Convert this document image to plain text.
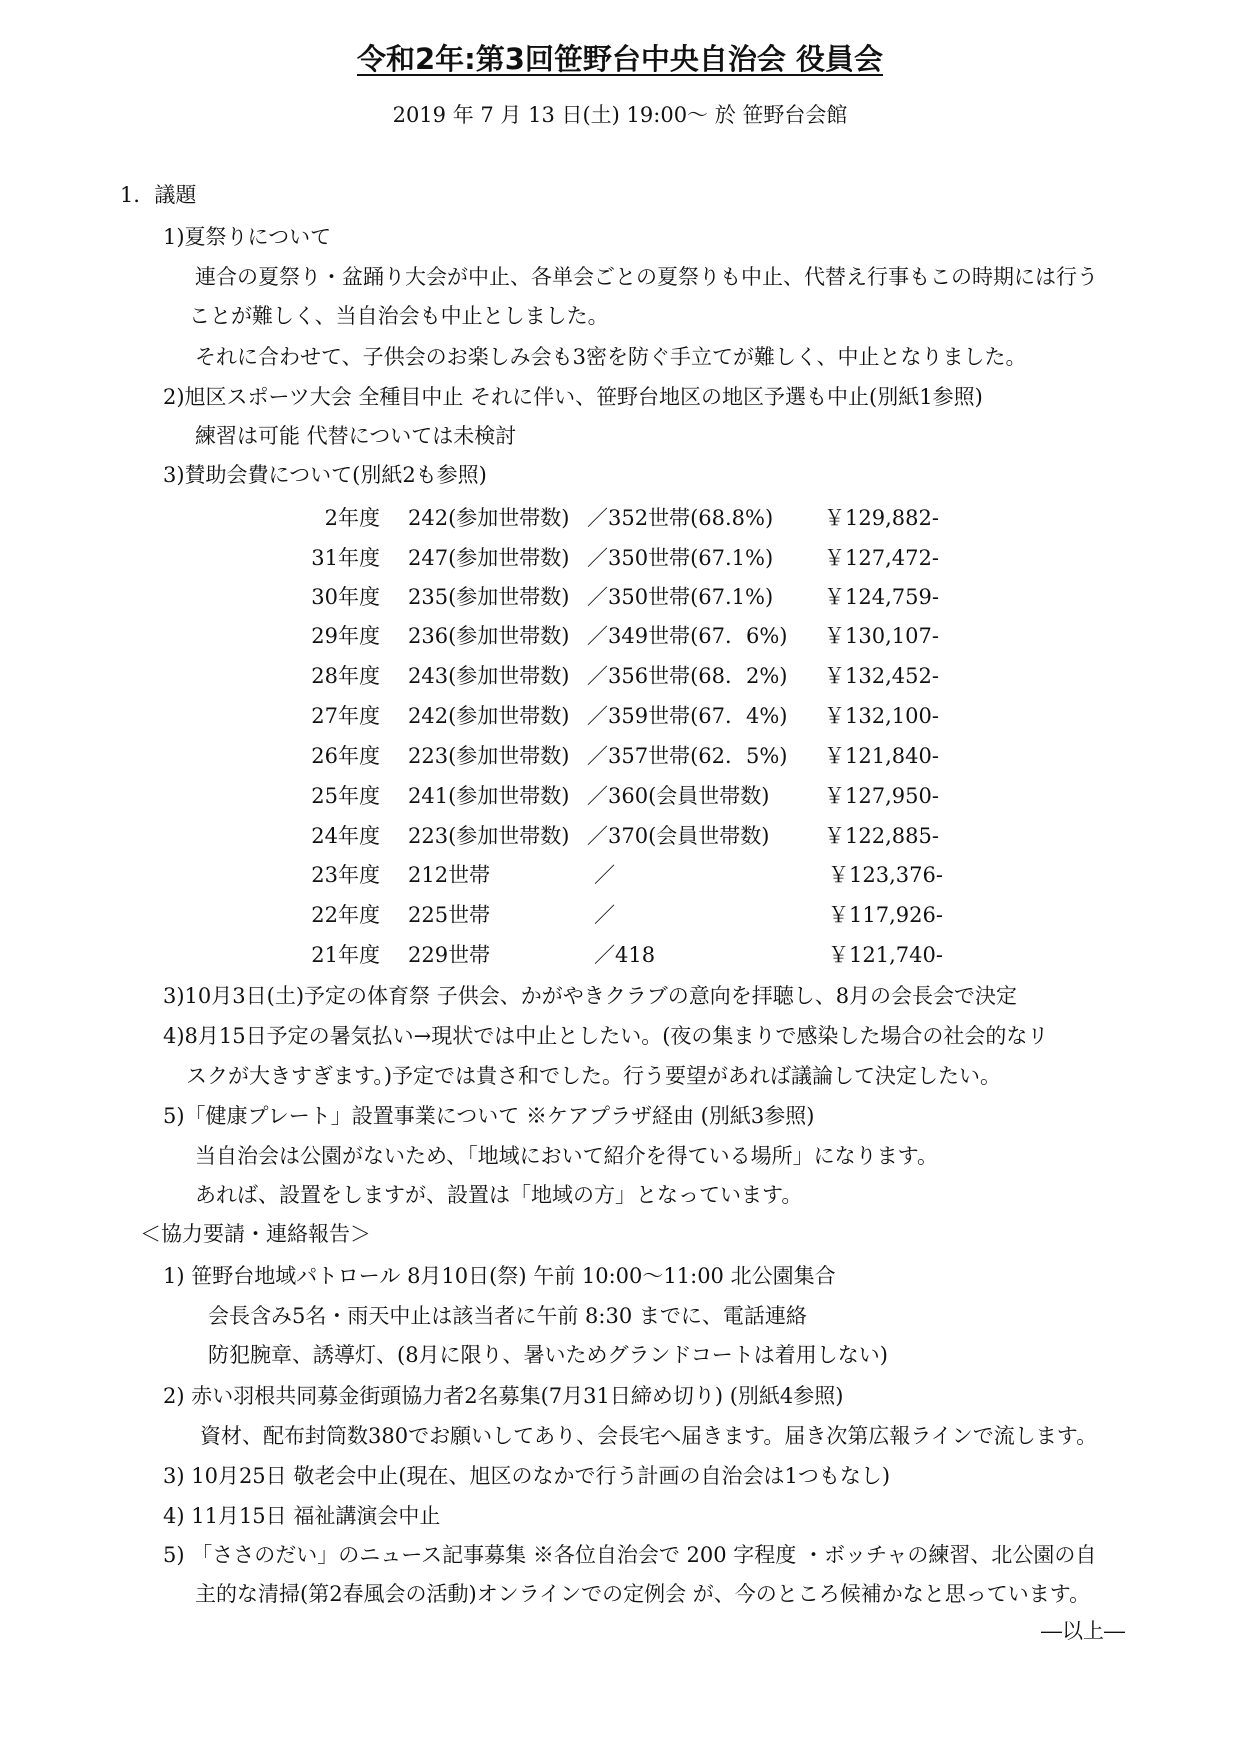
令和2年:第3回笹野台中央自治会 役員会
2019 年 7 月 13 日(土) 19:00～ 於 笹野台会館
1．議題
1)夏祭りについて
連合の夏祭り・盆踊り大会が中止、各単会ごとの夏祭りも中止、代替え行事もこの時期には行う
ことが難しく、当自治会も中止としました。
それに合わせて、子供会のお楽しみ会も3密を防ぐ手立てが難しく、中止となりました。
2)旭区スポーツ大会 全種目中止 それに伴い、笹野台地区の地区予選も中止(別紙1参照)
練習は可能 代替については未検討
3)賛助会費について(別紙2も参照)
2年度 242(参加世帯数) ／352世帯(68.8%) ￥129,882-
31年度 247(参加世帯数) ／350世帯(67.1%) ￥127,472-
30年度 235(参加世帯数) ／350世帯(67.1%) ￥124,759-
29年度 236(参加世帯数) ／349世帯(67．6%) ￥130,107-
28年度 243(参加世帯数) ／356世帯(68．2%) ￥132,452-
27年度 242(参加世帯数) ／359世帯(67．4%) ￥132,100-
26年度 223(参加世帯数) ／357世帯(62．5%) ￥121,840-
25年度 241(参加世帯数) ／360(会員世帯数)	￥127,950-
24年度 223(参加世帯数) ／370(会員世帯数)	￥122,885-
23年度 212世帯	／	￥123,376-
22年度 225世帯	／	￥117,926-
21年度 229世帯	／418	￥121,740-
3)10月3日(土)予定の体育祭 子供会、かがやきクラブの意向を拝聴し、8月の会長会で決定
4)8月15日予定の暑気払い→現状では中止としたい。(夜の集まりで感染した場合の社会的なリ
スクが大きすぎます。)予定では貴さ和でした。行う要望があれば議論して決定したい。
5)「健康プレート」設置事業について ※ケアプラザ経由 (別紙3参照)
当自治会は公園がないため、「地域において紹介を得ている場所」になります。
あれば、設置をしますが、設置は「地域の方」となっています。
＜協力要請・連絡報告＞
1) 笹野台地域パトロール 8月10日(祭) 午前 10:00～11:00 北公園集合
会長含み5名・雨天中止は該当者に午前 8:30 までに、電話連絡
防犯腕章、誘導灯、(8月に限り、暑いためグランドコートは着用しない)
2) 赤い羽根共同募金街頭協力者2名募集(7月31日締め切り) (別紙4参照)
資材、配布封筒数380でお願いしてあり、会長宅へ届きます。届き次第広報ラインで流します。
3) 10月25日 敬老会中止(現在、旭区のなかで行う計画の自治会は1つもなし)
4) 11月15日 福祉講演会中止
5) 「ささのだい」のニュース記事募集 ※各位自治会で 200 字程度 ・ボッチャの練習、北公園の自
主的な清掃(第2春風会の活動)オンラインでの定例会 が、今のところ候補かなと思っています。
―以上―
